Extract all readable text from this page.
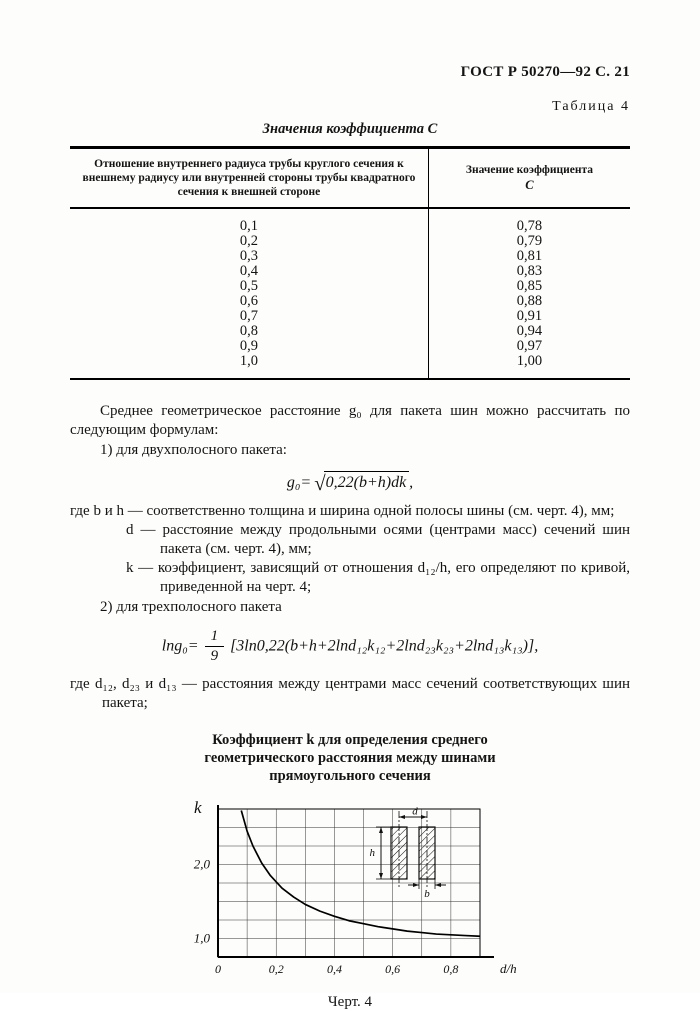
ГОСТ Р 50270—92 С. 21
Таблица 4
Значения коэффициента С
Отношение внутреннего радиуса трубы круглого сечения к внешнему радиусу или внутренней стороны трубы квадратного сечения к внешней стороне	Значение коэффициента
С

0,1	0,78
0,2	0,79
0,3	0,81
0,4	0,83
0,5	0,85
0,6	0,88
0,7	0,91
0,8	0,94
0,9	0,97
1,0	1,00
Среднее геометрическое расстояние g₀ для пакета шин можно рассчитать по следующим формулам:
1) для двухполосного пакета:
g₀= √0,22(b+h)dk ,
где b и h — соответственно толщина и ширина одной полосы шины (см. черт. 4), мм;
d — расстояние между продольными осями (центрами масс) сечений шин пакета (см. черт. 4), мм;
k — коэффициент, зависящий от отношения d₁₂/h, его определяют по кривой, приведенной на черт. 4;
2) для трехполосного пакета
$\ln g_0= \frac{1}{9} [3\ln 0,22(b+h+2\ln d_{12}k_{12}+2\ln d_{23}k_{23}+2\ln d_{13}k_{13})]$,
где d₁₂, d₂₃ и d₁₃ — расстояния между центрами масс сечений соответствующих шин пакета;
Коэффициент k для определения среднего
геометрического расстояния между шинами
прямоугольного сечения
0	0,2	0,4	0,6	0,8
2,0
1,0
k
d/h
d
h
b
Черт. 4
